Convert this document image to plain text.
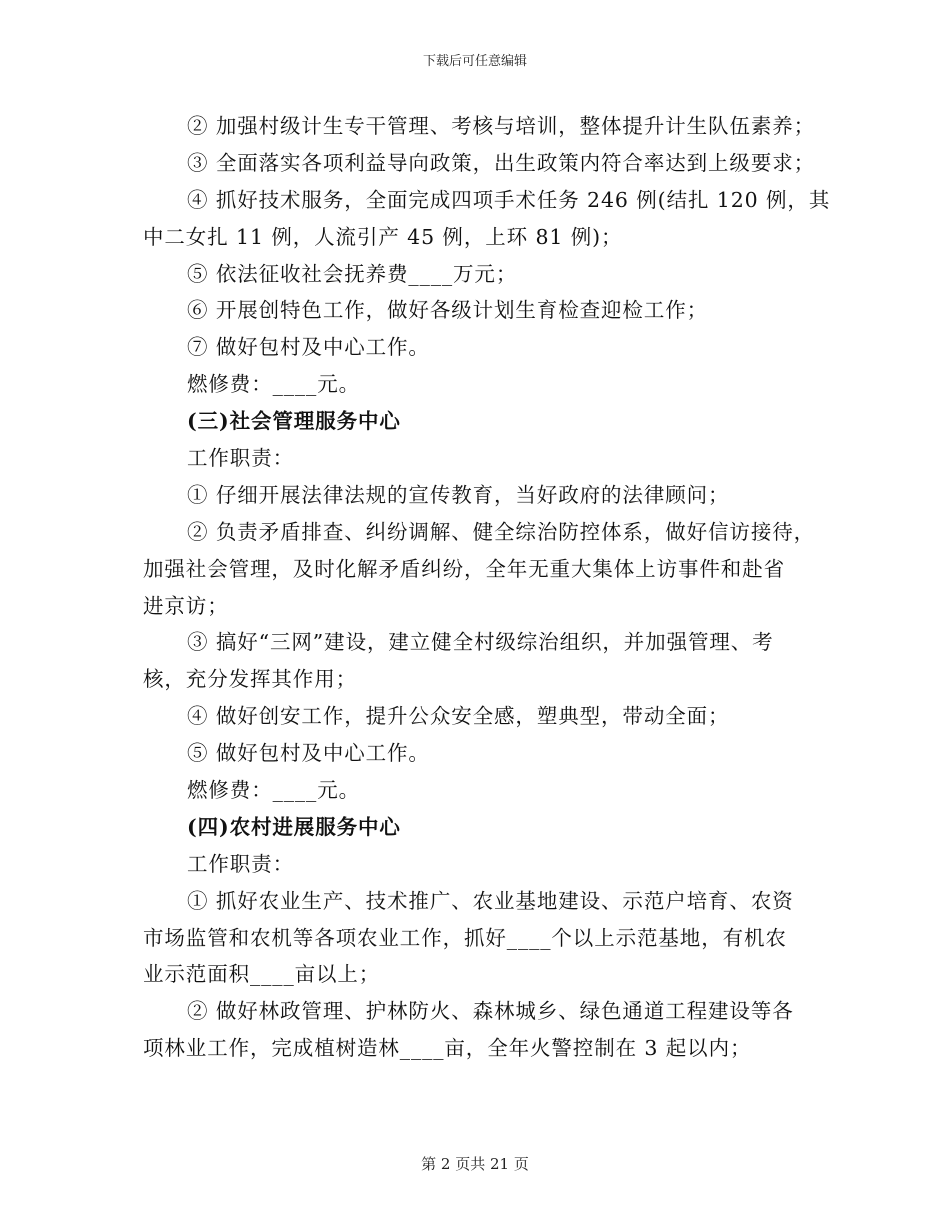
下载后可任意编辑
② 加强村级计生专干管理、考核与培训，整体提升计生队伍素养；
③ 全面落实各项利益导向政策，出生政策内符合率达到上级要求；
④ 抓好技术服务，全面完成四项手术任务 246 例(结扎 120 例，其
中二女扎 11 例，人流引产 45 例，上环 81 例)；
⑤ 依法征收社会抚养费____万元；
⑥ 开展创特色工作，做好各级计划生育检查迎检工作；
⑦ 做好包村及中心工作。
燃修费：____元。
(三)社会管理服务中心
工作职责：
① 仔细开展法律法规的宣传教育，当好政府的法律顾问；
② 负责矛盾排查、纠纷调解、健全综治防控体系，做好信访接待，
加强社会管理，及时化解矛盾纠纷，全年无重大集体上访事件和赴省
进京访；
③ 搞好“三网”建设，建立健全村级综治组织，并加强管理、考
核，充分发挥其作用；
④ 做好创安工作，提升公众安全感，塑典型，带动全面；
⑤ 做好包村及中心工作。
燃修费：____元。
(四)农村进展服务中心
工作职责：
① 抓好农业生产、技术推广、农业基地建设、示范户培育、农资
市场监管和农机等各项农业工作，抓好____个以上示范基地，有机农
业示范面积____亩以上；
② 做好林政管理、护林防火、森林城乡、绿色通道工程建设等各
项林业工作，完成植树造林____亩，全年火警控制在 3 起以内；
第 2 页共 21 页
